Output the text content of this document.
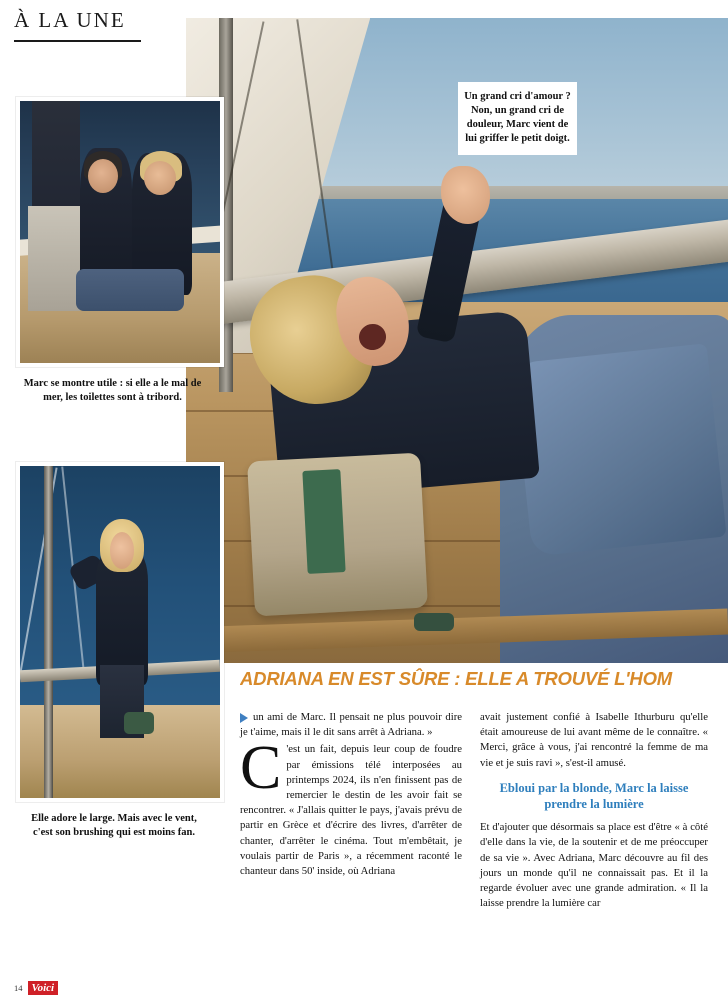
À LA UNE
Un grand cri d'amour ? Non, un grand cri de douleur, Marc vient de lui griffer le petit doigt.
Marc se montre utile : si elle a le mal de mer, les toilettes sont à tribord.
Elle adore le large. Mais avec le vent, c'est son brushing qui est moins fan.
ADRIANA EN EST SÛRE : ELLE A TROUVÉ L'HOM

un ami de Marc. Il pensait ne plus pouvoir dire je t'aime, mais il le dit sans arrêt à Adriana. »

C 'est un fait, depuis leur coup de foudre par émissions télé interposées au printemps 2024, ils n'en finissent pas de remercier le destin de les avoir fait se rencontrer. « J'allais quitter le pays, j'avais prévu de partir en Grèce et d'écrire des livres, d'arrêter de chanter, d'arrêter le cinéma. Tout m'embêtait, je voulais partir de Paris », a récemment raconté le chanteur dans 50' inside, où Adriana

avait justement confié à Isabelle Ithurburu qu'elle était amoureuse de lui avant même de le connaître. « Merci, grâce à vous, j'ai rencontré la femme de ma vie et je suis ravi », s'est-il amusé.

Ebloui par la blonde, Marc la laisse prendre la lumière

Et d'ajouter que désormais sa place est d'être « à côté d'elle dans la vie, de la soutenir et de me préoccuper de sa vie ». Avec Adriana, Marc découvre au fil des jours un monde qu'il ne connaissait pas. Et il la regarde évoluer avec une grande admiration. « Il la laisse prendre la lumière car

14 Voici
